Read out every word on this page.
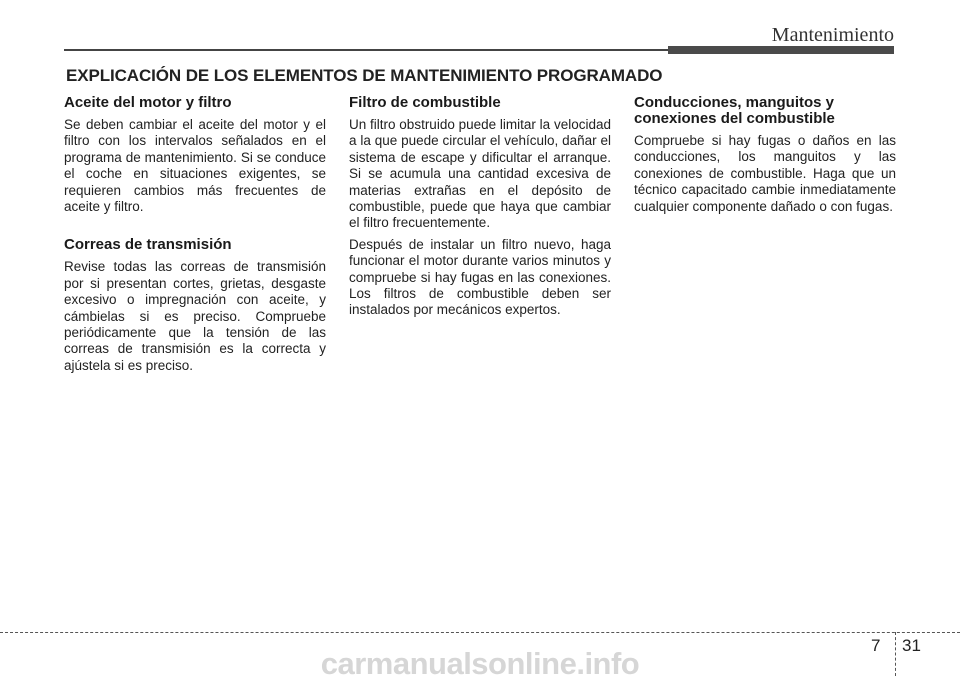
Mantenimiento
EXPLICACIÓN DE LOS ELEMENTOS DE MANTENIMIENTO PROGRAMADO
Aceite del motor y filtro

Se deben cambiar el aceite del motor y el filtro con los intervalos señalados en el programa de mantenimiento. Si se conduce el coche en situaciones exigentes, se requieren cambios más frecuentes de aceite y filtro.

Correas de transmisión

Revise todas las correas de transmisión por si presentan cortes, grietas, desgaste excesivo o impregnación con aceite, y cámbielas si es preciso. Compruebe periódicamente que la tensión de las correas de transmisión es la correcta y ajústela si es preciso.

Filtro de combustible

Un filtro obstruido puede limitar la velocidad a la que puede circular el vehículo, dañar el sistema de escape y dificultar el arranque. Si se acumula una cantidad excesiva de materias extrañas en el depósito de combustible, puede que haya que cambiar el filtro frecuentemente.

Después de instalar un filtro nuevo, haga funcionar el motor durante varios minutos y compruebe si hay fugas en las conexiones. Los filtros de combustible deben ser instalados por mecánicos expertos.

Conducciones, manguitos y
conexiones del combustible

Compruebe si hay fugas o daños en las conducciones, los manguitos y las conexiones de combustible. Haga que un técnico capacitado cambie inmediatamente cualquier componente dañado o con fugas.

7 31
carmanualsonline.info
